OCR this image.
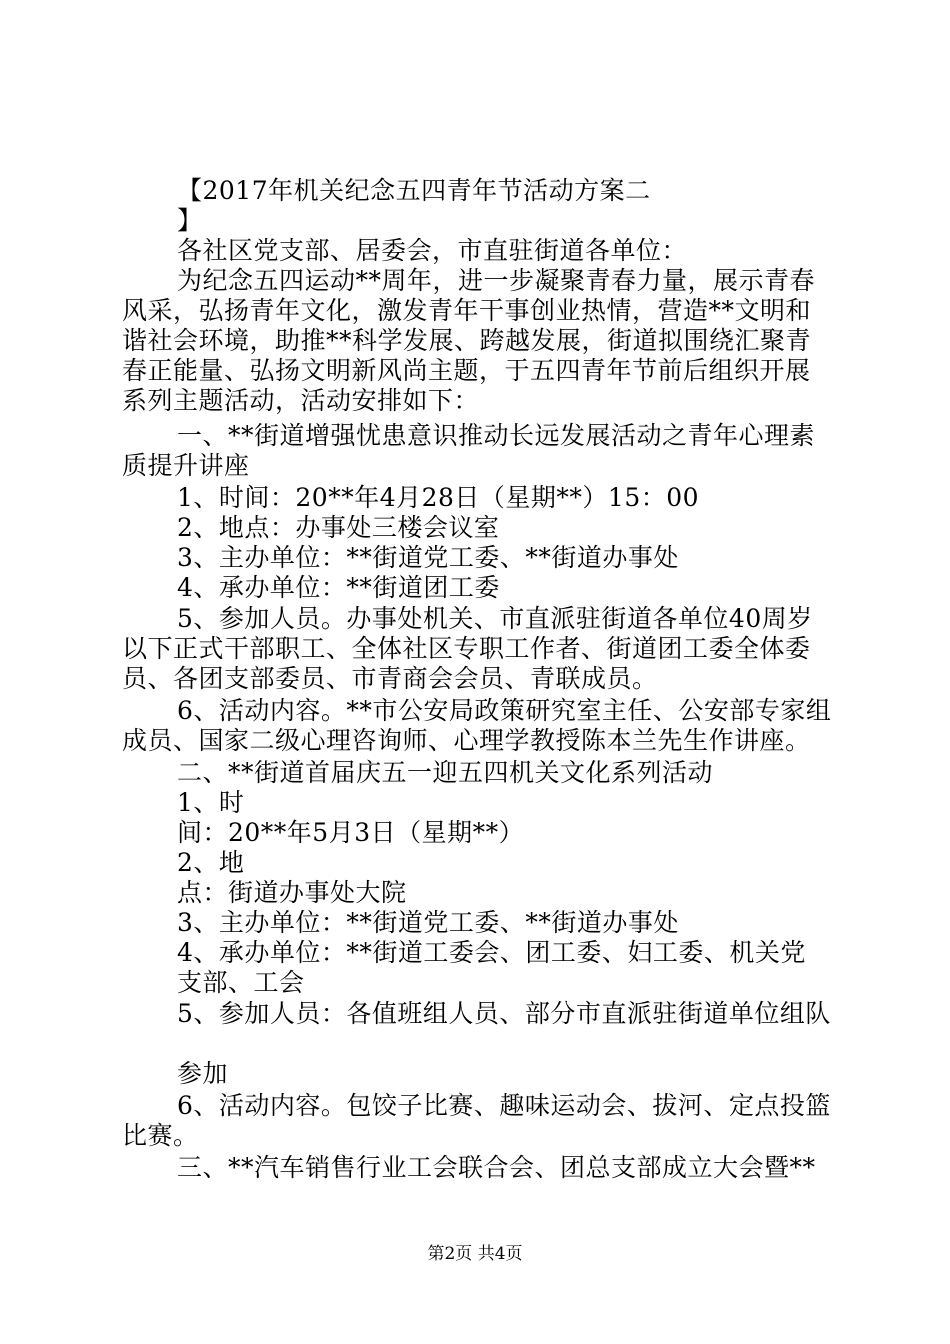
【2017年机关纪念五四青年节活动方案二
】
各社区党支部、居委会，市直驻街道各单位：
为纪念五四运动**周年，进一步凝聚青春力量，展示青春
风采，弘扬青年文化，激发青年干事创业热情，营造**文明和
谐社会环境，助推**科学发展、跨越发展，街道拟围绕汇聚青
春正能量、弘扬文明新风尚主题，于五四青年节前后组织开展
系列主题活动，活动安排如下：
一、**街道增强忧患意识推动长远发展活动之青年心理素
质提升讲座
1、时间：20**年4月28日（星期**）15：00
2、地点：办事处三楼会议室
3、主办单位：**街道党工委、**街道办事处
4、承办单位：**街道团工委
5、参加人员。办事处机关、市直派驻街道各单位40周岁
以下正式干部职工、全体社区专职工作者、街道团工委全体委
员、各团支部委员、市青商会会员、青联成员。
6、活动内容。**市公安局政策研究室主任、公安部专家组
成员、国家二级心理咨询师、心理学教授陈本兰先生作讲座。
二、**街道首届庆五一迎五四机关文化系列活动
1、时
间：20**年5月3日（星期**）
2、地
点：街道办事处大院
3、主办单位：**街道党工委、**街道办事处
4、承办单位：**街道工委会、团工委、妇工委、机关党
支部、工会
5、参加人员：各值班组人员、部分市直派驻街道单位组队
参加
6、活动内容。包饺子比赛、趣味运动会、拔河、定点投篮
比赛。
三、**汽车销售行业工会联合会、团总支部成立大会暨**
第2页 共4页
